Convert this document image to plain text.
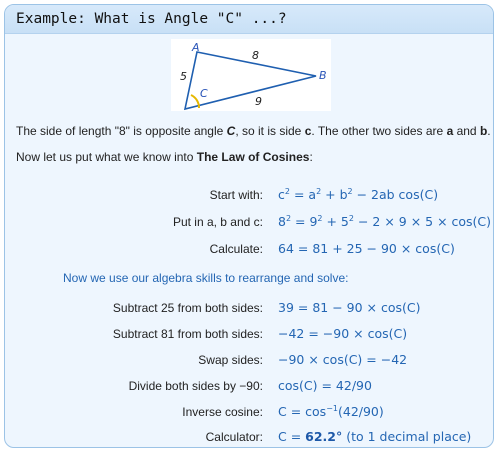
Example: What is Angle "C" ...?
A
B
C
8
5
9
The side of length "8" is opposite angle C, so it is side c. The other two sides are a and b.
Now let us put what we know into The Law of Cosines:
Start with: $c^2 = a^2 + b^2 - 2ab$ cos(C)
Put in a, b and c: $8^2 = 9^2 + 5^2 - 2 \times 9 \times 5 \times \cos(C)$
Calculate: 64 = 81 + 25 − 90 × cos(C)
Now we use our algebra skills to rearrange and solve:
Subtract 25 from both sides: 39 = 81 − 90 × cos(C)
Subtract 81 from both sides: −42 = −90 × cos(C)
Swap sides: −90 × cos(C) = −42
Divide both sides by −90: cos(C) = 42/90
Inverse cosine: $C = \cos^{-1}(42/90)$
Calculator: C = 62.2° (to 1 decimal place)
